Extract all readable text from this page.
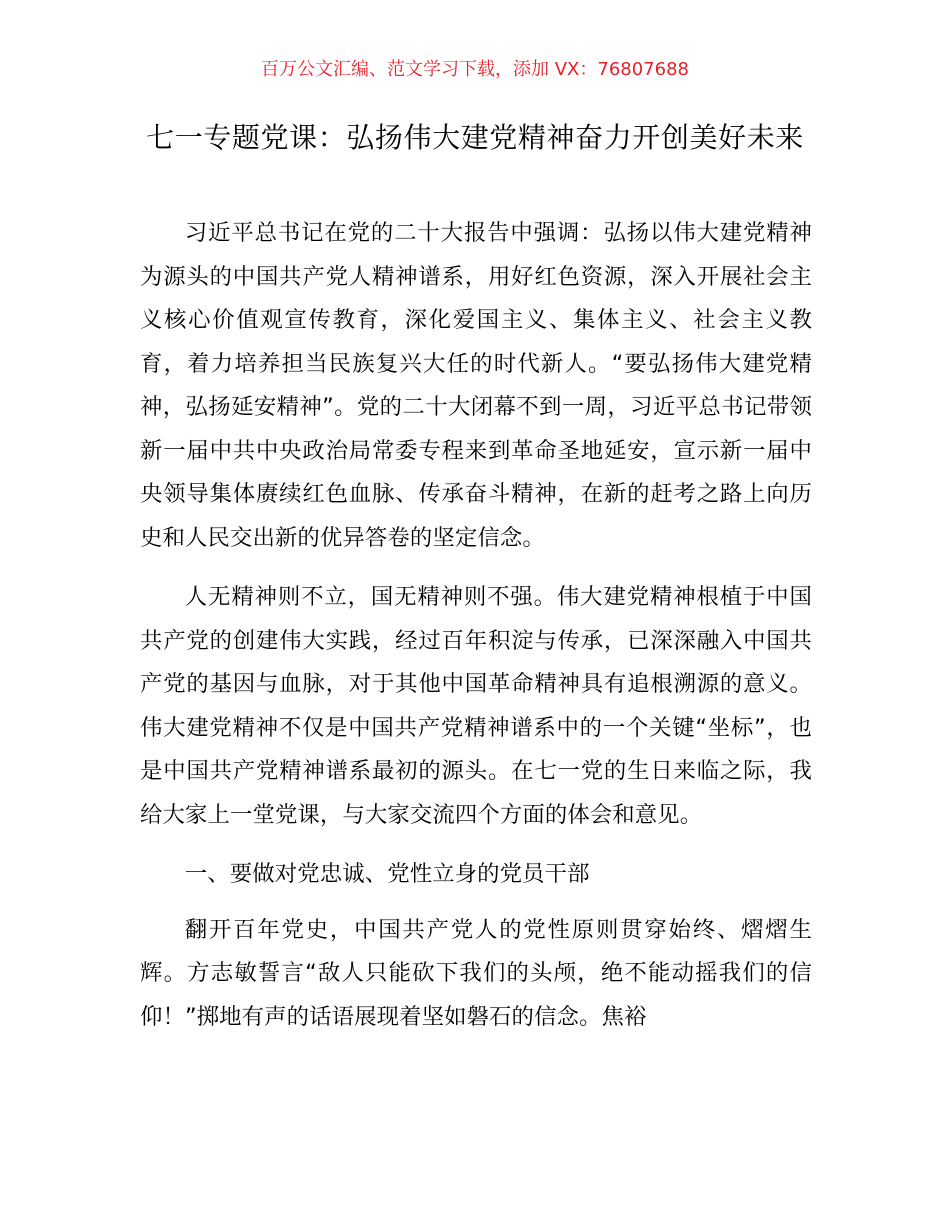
百万公文汇编、范文学习下载，添加 VX：76807688
七一专题党课：弘扬伟大建党精神奋力开创美好未来

习近平总书记在党的二十大报告中强调：弘扬以伟大建党精神为源头的中国共产党人精神谱系，用好红色资源，深入开展社会主义核心价值观宣传教育，深化爱国主义、集体主义、社会主义教育，着力培养担当民族复兴大任的时代新人。“要弘扬伟大建党精神，弘扬延安精神”。党的二十大闭幕不到一周，习近平总书记带领新一届中共中央政治局常委专程来到革命圣地延安，宣示新一届中央领导集体赓续红色血脉、传承奋斗精神，在新的赶考之路上向历史和人民交出新的优异答卷的坚定信念。

人无精神则不立，国无精神则不强。伟大建党精神根植于中国共产党的创建伟大实践，经过百年积淀与传承，已深深融入中国共产党的基因与血脉，对于其他中国革命精神具有追根溯源的意义。伟大建党精神不仅是中国共产党精神谱系中的一个关键“坐标”，也是中国共产党精神谱系最初的源头。在七一党的生日来临之际，我给大家上一堂党课，与大家交流四个方面的体会和意见。

一、要做对党忠诚、党性立身的党员干部

翻开百年党史，中国共产党人的党性原则贯穿始终、熠熠生辉。方志敏誓言“敌人只能砍下我们的头颅，绝不能动摇我们的信仰！”掷地有声的话语展现着坚如磐石的信念。焦裕
